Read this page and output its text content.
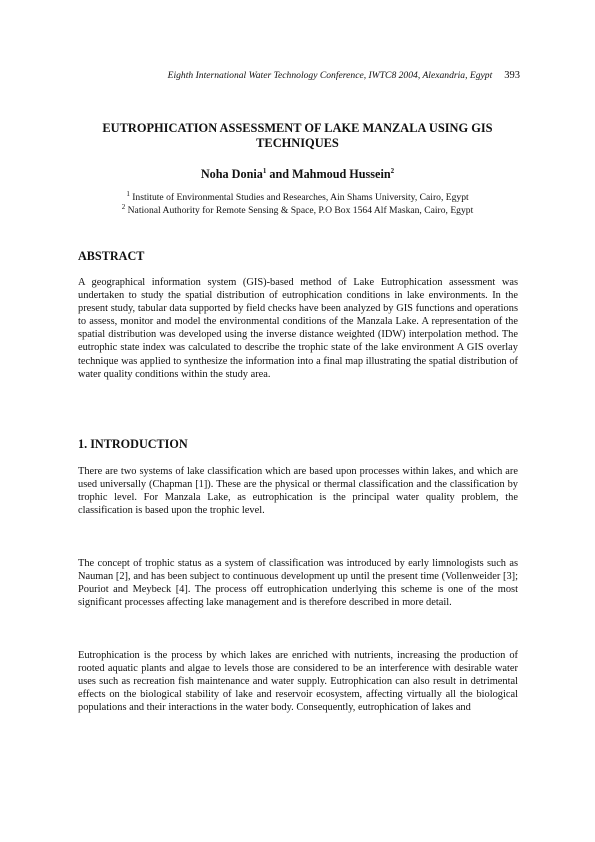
Eighth International Water Technology Conference, IWTC8 2004, Alexandria, Egypt 393
EUTROPHICATION ASSESSMENT OF LAKE MANZALA USING GIS TECHNIQUES
Noha Donia$^1$ and Mahmoud Hussein$^2$
$^1$ Institute of Environmental Studies and Researches, Ain Shams University, Cairo, Egypt
$^2$ National Authority for Remote Sensing & Space, P.O Box 1564 Alf Maskan, Cairo, Egypt
ABSTRACT

A geographical information system (GIS)-based method of Lake Eutrophication assessment was undertaken to study the spatial distribution of eutrophication conditions in lake environments. In the present study, tabular data supported by field checks have been analyzed by GIS functions and operations to assess, monitor and model the environmental conditions of the Manzala Lake. A representation of the spatial distribution was developed using the inverse distance weighted (IDW) interpolation method. The eutrophic state index was calculated to describe the trophic state of the lake environment A GIS overlay technique was applied to synthesize the information into a final map illustrating the spatial distribution of water quality conditions within the study area.

1. INTRODUCTION

There are two systems of lake classification which are based upon processes within lakes, and which are used universally (Chapman [1]). These are the physical or thermal classification and the classification by trophic level. For Manzala Lake, as eutrophication is the principal water quality problem, the classification is based upon the trophic level.

The concept of trophic status as a system of classification was introduced by early limnologists such as Nauman [2], and has been subject to continuous development up until the present time (Vollenweider [3]; Pouriot and Meybeck [4]. The process off eutrophication underlying this scheme is one of the most significant processes affecting lake management and is therefore described in more detail.

Eutrophication is the process by which lakes are enriched with nutrients, increasing the production of rooted aquatic plants and algae to levels those are considered to be an interference with desirable water uses such as recreation fish maintenance and water supply. Eutrophication can also result in detrimental effects on the biological stability of lake and reservoir ecosystem, affecting virtually all the biological populations and their interactions in the water body. Consequently, eutrophication of lakes and
